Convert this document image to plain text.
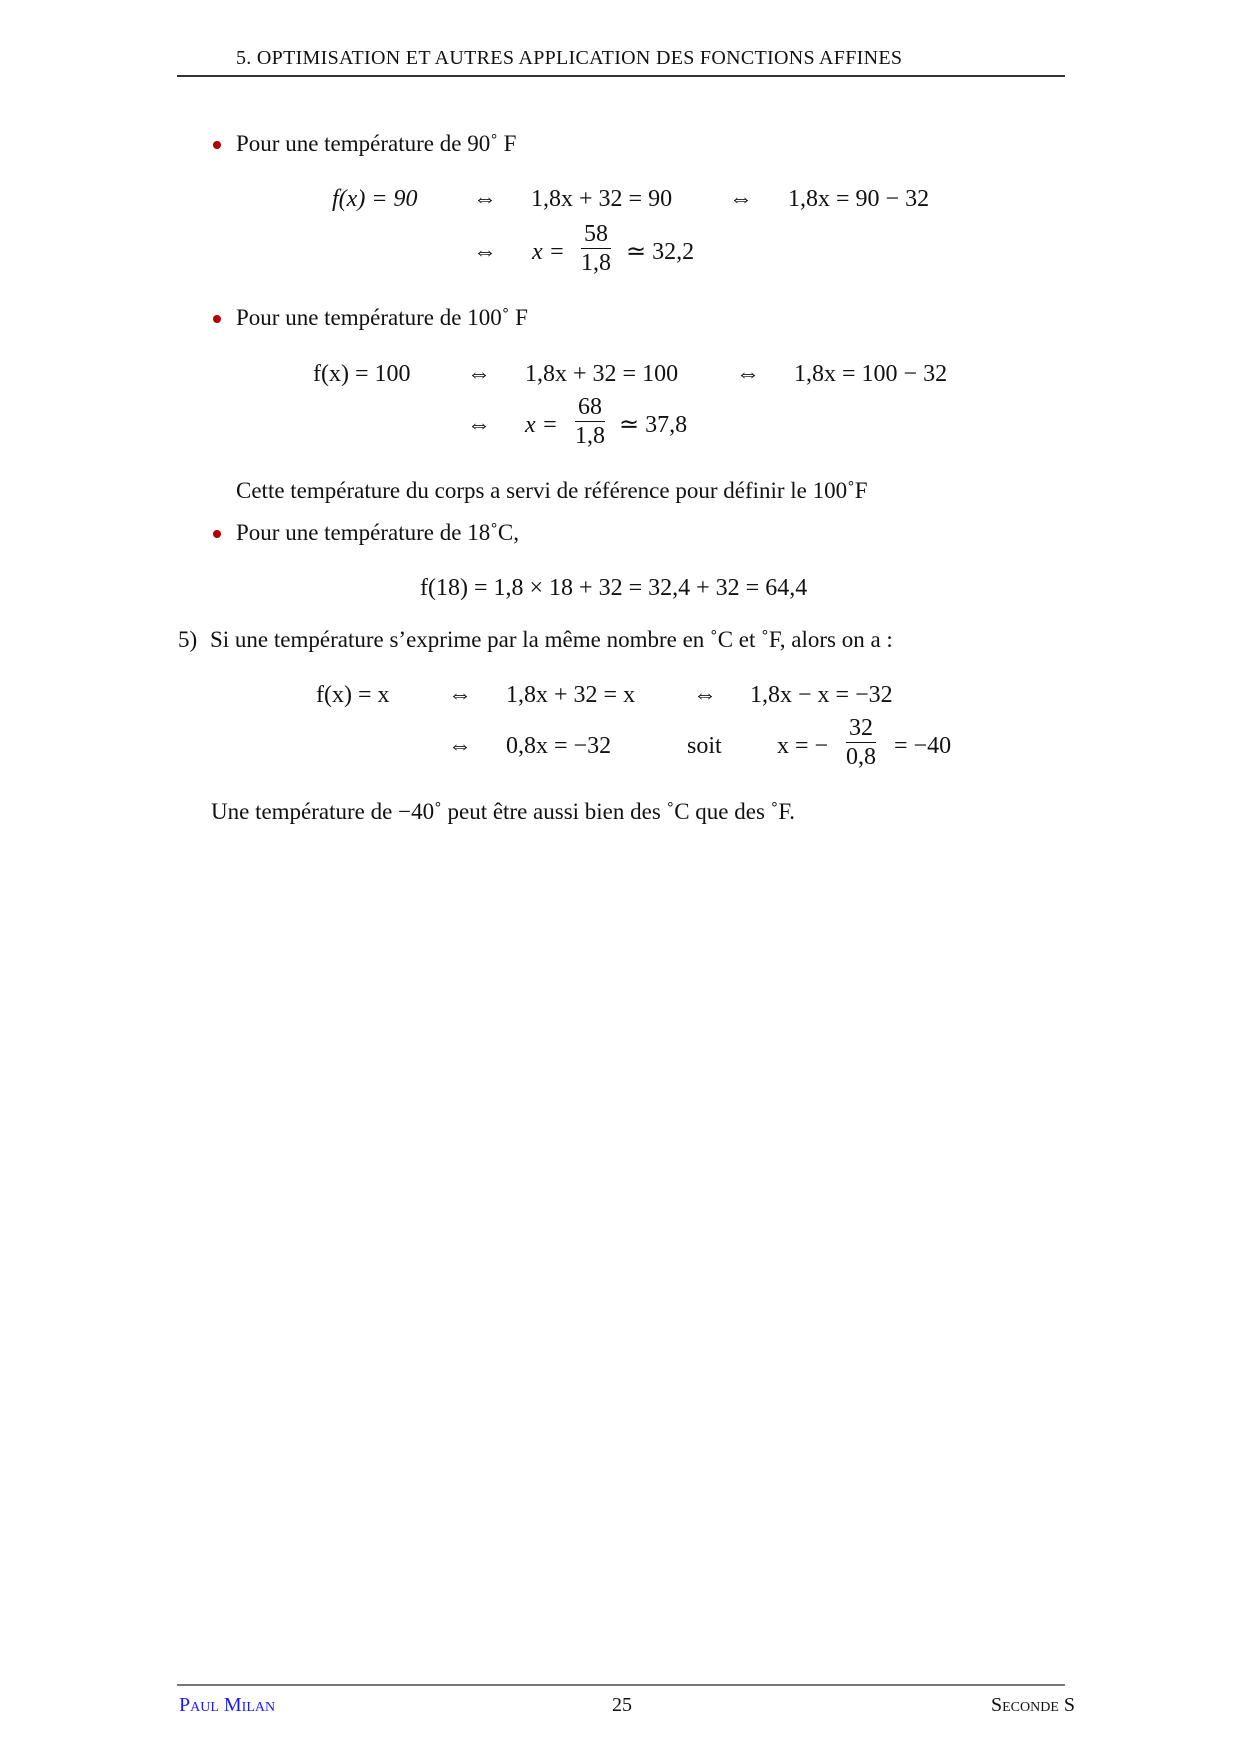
5. OPTIMISATION ET AUTRES APPLICATION DES FONCTIONS AFFINES
Pour une température de 90˚ F
f(x) = 90 ⇔ 1,8x + 32 = 90 ⇔ 1,8x = 90 − 32
⇔ $x = \frac{58}{1,8}$ ≃ 32,2
Pour une température de 100˚ F
f(x) = 100 ⇔ 1,8x + 32 = 100 ⇔ 1,8x = 100 − 32
⇔ $x = \frac{68}{1,8}$ ≃ 37,8
Cette température du corps a servi de référence pour définir le 100˚F
Pour une température de 18˚C,
f(18) = 1,8 × 18 + 32 = 32,4 + 32 = 64,4
5) Si une température s’exprime par la même nombre en ˚C et ˚F, alors on a :
f(x) = x ⇔ 1,8x + 32 = x ⇔ 1,8x − x = −32
⇔ 0,8x = −32	soit x = − $\frac{32}{0,8} = -40$
Une température de −40˚ peut être aussi bien des ˚C que des ˚F.
Paul Milan	25	Seconde S
